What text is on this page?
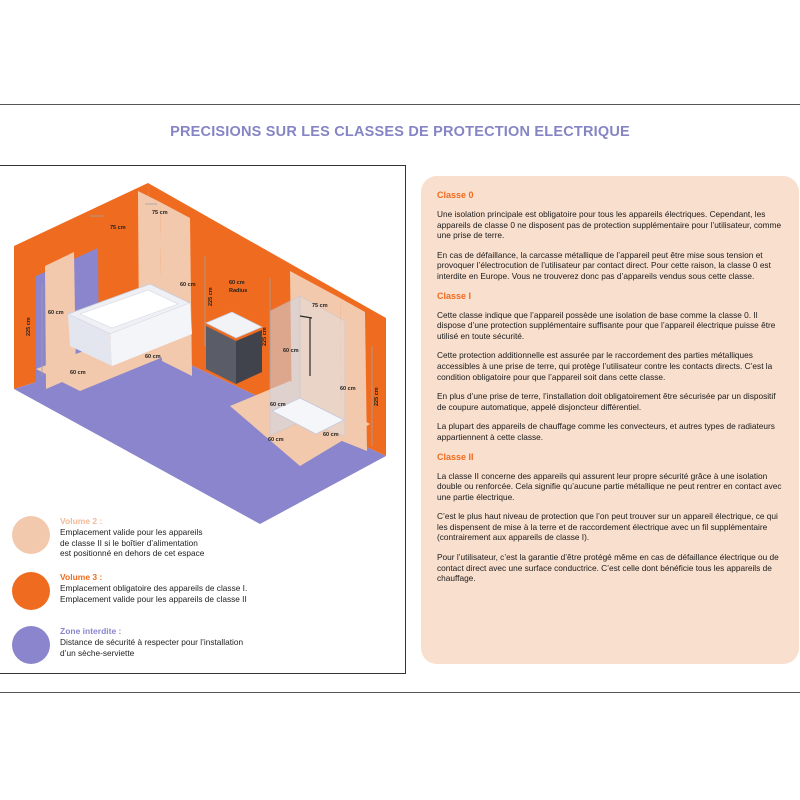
PRECISIONS SUR LES CLASSES DE PROTECTION ELECTRIQUE
75 cm
75 cm
60 cm
60 cm
225 cm
225 cm
60 cm
225 cm
75 cm
60 cm
60 cm
60 cm
225 cm
60 cm
60 cm
60 cm
60 cm
Radius
Volume 2 :
Emplacement valide pour les appareils
de classe II si le boîtier d’alimentation
est positionné en dehors de cet espace
Volume 3 :
Emplacement obligatoire des appareils de classe I.
Emplacement valide pour les appareils de classe II
Zone interdite :
Distance de sécurité à respecter pour l’installation
d’un sèche-serviette
Classe 0
Une isolation principale est obligatoire pour tous les appareils électriques. Cependant, les appareils de classe 0 ne disposent pas de protection supplémentaire pour l’utilisateur, comme une prise de terre.
En cas de défaillance, la carcasse métallique de l’appareil peut être mise sous tension et provoquer l’électrocution de l’utilisateur par contact direct. Pour cette raison, la classe 0 est interdite en Europe. Vous ne trouverez donc pas d’appareils vendus sous cette classe.
Classe I
Cette classe indique que l’appareil possède une isolation de base comme la classe 0. Il dispose d’une protection supplémentaire suffisante pour que l’appareil électrique puisse être utilisé en toute sécurité.
Cette protection additionnelle est assurée par le raccordement des parties métalliques accessibles à une prise de terre, qui protège l’utilisateur contre les contacts directs. C’est la condition obligatoire pour que l’appareil soit dans cette classe.
En plus d’une prise de terre, l’installation doit obligatoirement être sécurisée par un dispositif de coupure automatique, appelé disjoncteur différentiel.
La plupart des appareils de chauffage comme les convecteurs, et autres types de radiateurs appartiennent à cette classe.
Classe II
La classe II concerne des appareils qui assurent leur propre sécurité grâce à une isolation double ou renforcée. Cela signifie qu’aucune partie métallique ne peut rentrer en contact avec une partie électrique.
C’est le plus haut niveau de protection que l’on peut trouver sur un appareil électrique, ce qui les dispensent de mise à la terre et de raccordement électrique avec un fil supplémentaire (contrairement aux appareils de classe I).
Pour l’utilisateur, c’est la garantie d’être protégé même en cas de défaillance électrique ou de contact direct avec une surface conductrice. C’est celle dont bénéficie tous les appareils de chauffage.
